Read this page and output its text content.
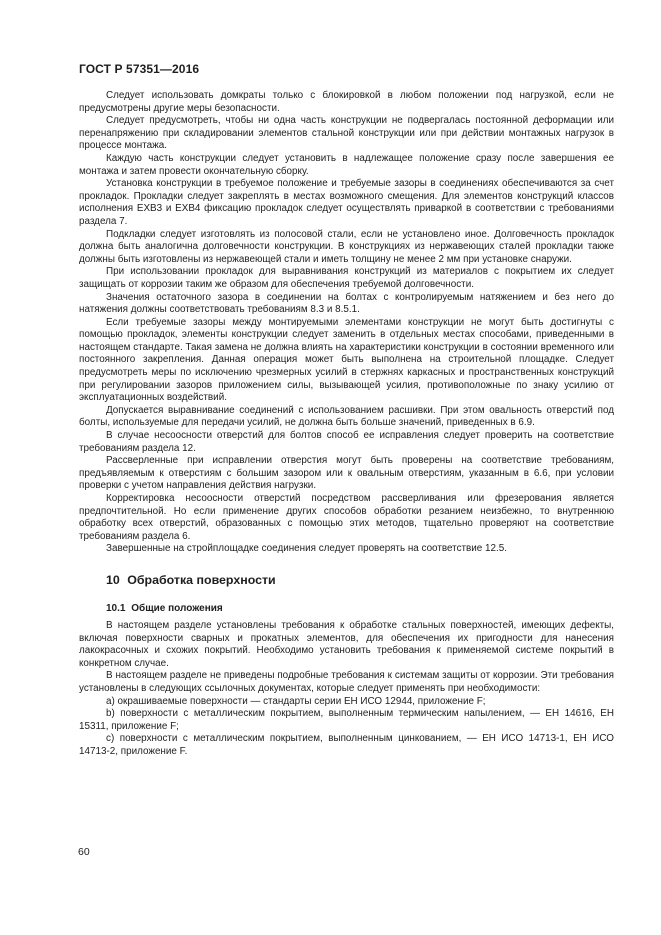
ГОСТ Р 57351—2016

Следует использовать домкраты только с блокировкой в любом положении под нагрузкой, если не предусмотрены другие меры безопасности.

Следует предусмотреть, чтобы ни одна часть конструкции не подвергалась постоянной деформации или перенапряжению при складировании элементов стальной конструкции или при действии монтажных нагрузок в процессе монтажа.

Каждую часть конструкции следует установить в надлежащее положение сразу после завершения ее монтажа и затем провести окончательную сборку.

Установка конструкции в требуемое положение и требуемые зазоры в соединениях обеспечиваются за счет прокладок. Прокладки следует закреплять в местах возможного смещения. Для элементов конструкций классов исполнения ЕХВ3 и ЕХВ4 фиксацию прокладок следует осуществлять приваркой в соответствии с требованиями раздела 7.

Подкладки следует изготовлять из полосовой стали, если не установлено иное. Долговечность прокладок должна быть аналогична долговечности конструкции. В конструкциях из нержавеющих сталей прокладки также должны быть изготовлены из нержавеющей стали и иметь толщину не менее 2 мм при установке снаружи.

При использовании прокладок для выравнивания конструкций из материалов с покрытием их следует защищать от коррозии таким же образом для обеспечения требуемой долговечности.

Значения остаточного зазора в соединении на болтах с контролируемым натяжением и без него до натяжения должны соответствовать требованиям 8.3 и 8.5.1.

Если требуемые зазоры между монтируемыми элементами конструкции не могут быть достигнуты с помощью прокладок, элементы конструкции следует заменить в отдельных местах способами, приведенными в настоящем стандарте. Такая замена не должна влиять на характеристики конструкции в состоянии временного или постоянного закрепления. Данная операция может быть выполнена на строительной площадке. Следует предусмотреть меры по исключению чрезмерных усилий в стержнях каркасных и пространственных конструкций при регулировании зазоров приложением силы, вызывающей усилия, противоположные по знаку усилию от эксплуатационных воздействий.

Допускается выравнивание соединений с использованием расшивки. При этом овальность отверстий под болты, используемые для передачи усилий, не должна быть больше значений, приведенных в 6.9.

В случае несоосности отверстий для болтов способ ее исправления следует проверить на соответствие требованиям раздела 12.

Рассверленные при исправлении отверстия могут быть проверены на соответствие требованиям, предъявляемым к отверстиям с большим зазором или к овальным отверстиям, указанным в 6.6, при условии проверки с учетом направления действия нагрузки.

Корректировка несоосности отверстий посредством рассверливания или фрезерования является предпочтительной. Но если применение других способов обработки резанием неизбежно, то внутреннюю обработку всех отверстий, образованных с помощью этих методов, тщательно проверяют на соответствие требованиям раздела 6.

Завершенные на стройплощадке соединения следует проверять на соответствие 12.5.

10 Обработка поверхности
10.1 Общие положения

В настоящем разделе установлены требования к обработке стальных поверхностей, имеющих дефекты, включая поверхности сварных и прокатных элементов, для обеспечения их пригодности для нанесения лакокрасочных и схожих покрытий. Необходимо установить требования к применяемой системе покрытий в конкретном случае.

В настоящем разделе не приведены подробные требования к системам защиты от коррозии. Эти требования установлены в следующих ссылочных документах, которые следует применять при необходимости:

a) окрашиваемые поверхности — стандарты серии ЕН ИСО 12944, приложение F;

b) поверхности с металлическим покрытием, выполненным термическим напылением, — ЕН 14616, ЕН 15311, приложение F;

c) поверхности с металлическим покрытием, выполненным цинкованием, — ЕН ИСО 14713-1, ЕН ИСО 14713-2, приложение F.

60
